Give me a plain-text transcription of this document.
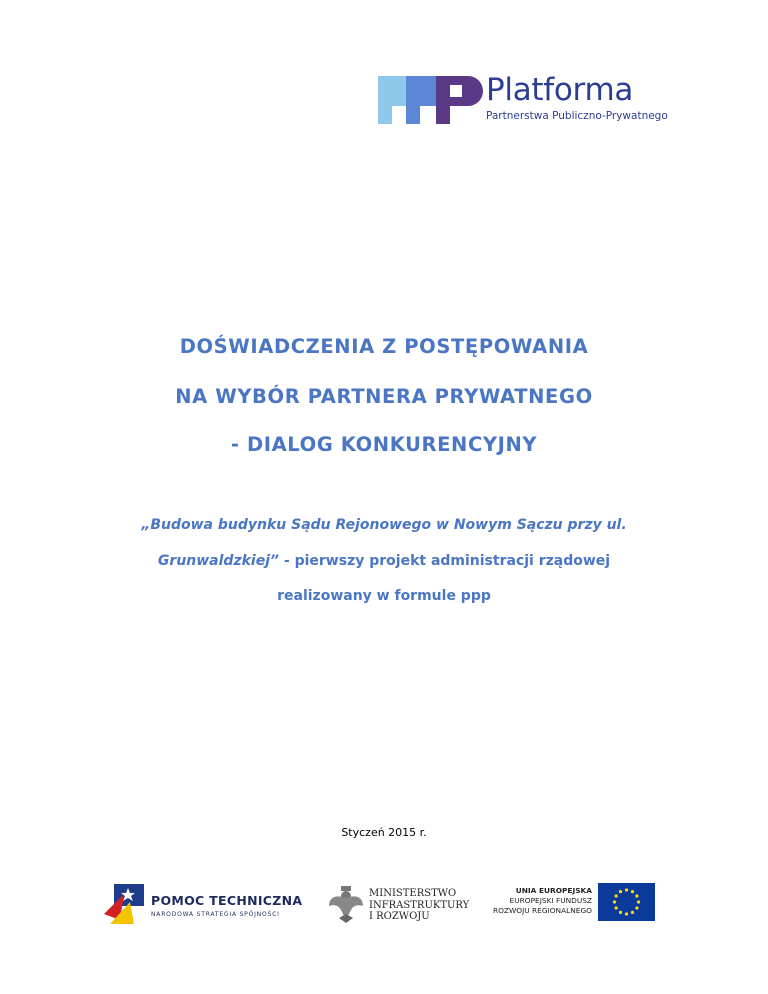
Platforma
Partnerstwa Publiczno-Prywatnego
DOŚWIADCZENIA Z POSTĘPOWANIA
NA WYBÓR PARTNERA PRYWATNEGO
- DIALOG KONKURENCYJNY
„Budowa budynku Sądu Rejonowego w Nowym Sączu przy ul.
Grunwaldzkiej” - pierwszy projekt administracji rządowej
realizowany w formule ppp
Styczeń 2015 r.
POMOC TECHNICZNA
NARODOWA STRATEGIA SPÓJNOŚCI
MINISTERSTWO
INFRASTRUKTURY
I ROZWOJU
UNIA EUROPEJSKA
EUROPEJSKI FUNDUSZ
ROZWOJU REGIONALNEGO
